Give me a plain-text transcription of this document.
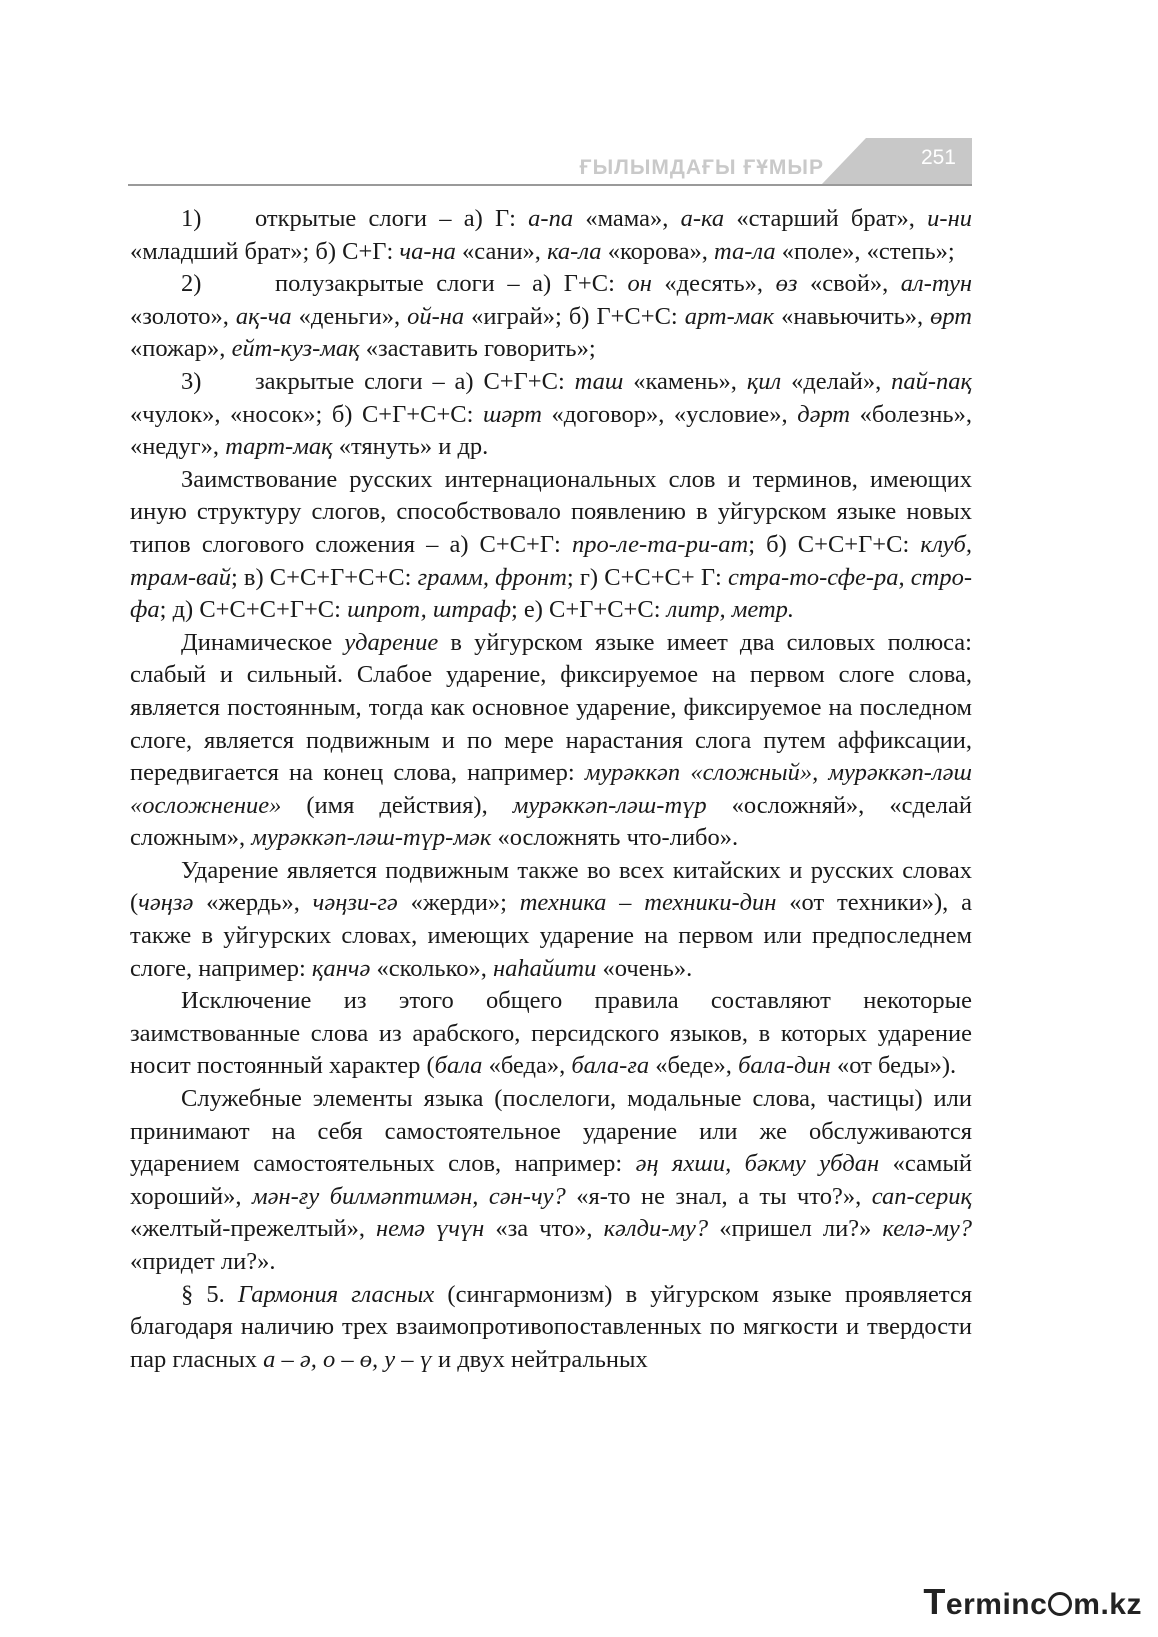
ҒЫЛЫМДАҒЫ ҒҰМЫР	251

1) открытые слоги – а) Г: а-па «мама», а-ка «старший брат», и-ни «младший брат»; б) С+Г: ча-на «сани», ка-ла «корова», та-ла «поле», «степь»;

2)	полузакрытые слоги – а) Г+С: он «десять», өз «свой», ал-тун «золото», ақ-ча «деньги», ой-на «играй»; б) Г+С+С: арт-мак «навьючить», өрт «пожар», ейт-куз-мақ «заставить говорить»;

3) закрытые слоги – а) С+Г+С: таш «камень», қил «делай», пай-пақ «чулок», «носок»; б) С+Г+С+С: шәрт «договор», «условие», дәрт «болезнь», «недуг», тарт-мақ «тянуть» и др.

Заимствование русских интернациональных слов и терминов, имеющих иную структуру слогов, способствовало появлению в уйгурском языке новых типов слогового сложения – а) С+С+Г: про-ле-та-ри-ат; б) С+С+Г+С: клуб, трам-вай; в) С+С+Г+С+С: грамм, фронт; г) С+С+С+ Г: стра-то-сфе-ра, стро-фа; д) С+С+С+Г+С: шпрот, штраф; е) С+Г+С+С: литр, метр.

Динамическое ударение в уйгурском языке имеет два силовых полюса: слабый и сильный. Слабое ударение, фиксируемое на первом слоге слова, является постоянным, тогда как основное ударение, фиксируемое на последном слоге, является подвижным и по мере нарастания слога путем аффиксации, передвигается на конец слова, например: мурәккәп «сложный», мурәккәп-ләш «осложнение» (имя действия), мурәккәп-ләш-түр «осложняй», «сделай сложным», мурәккәп-ләш-түр-мәк «осложнять что-либо».

Ударение является подвижным также во всех китайских и русских словах (чәңзә «жердь», чәңзи-гә «жерди»; техника – техники-дин «от техники»), а также в уйгурских словах, имеющих ударение на первом или предпоследнем слоге, например: қанчә «сколько», наһайити «очень».

Исключение из этого общего правила составляют некоторые заимствованные слова из арабского, персидского языков, в которых ударение носит постоянный характер (бала «беда», бала-ға «беде», бала-дин «от беды»).

Служебные элементы языка (послелоги, модальные слова, частицы) или принимают на себя самостоятельное ударение или же обслуживаются ударением самостоятельных слов, например: әң яхши, бәкму убдан «самый хороший», мән-ғу билмәптимән, сән-чу? «я-то не знал, а ты что?», сап-сериқ «желтый-прежелтый», немә үчүн «за что», кәлди-му? «пришел ли?» келә-му? «придет ли?».

§ 5. Гармония гласных (сингармонизм) в уйгурском языке проявляется благодаря наличию трех взаимопротивопоставленных по мягкости и твердости пар гласных а – ә, о – ө, у – ү и двух нейтральных

Terminc m.kz
